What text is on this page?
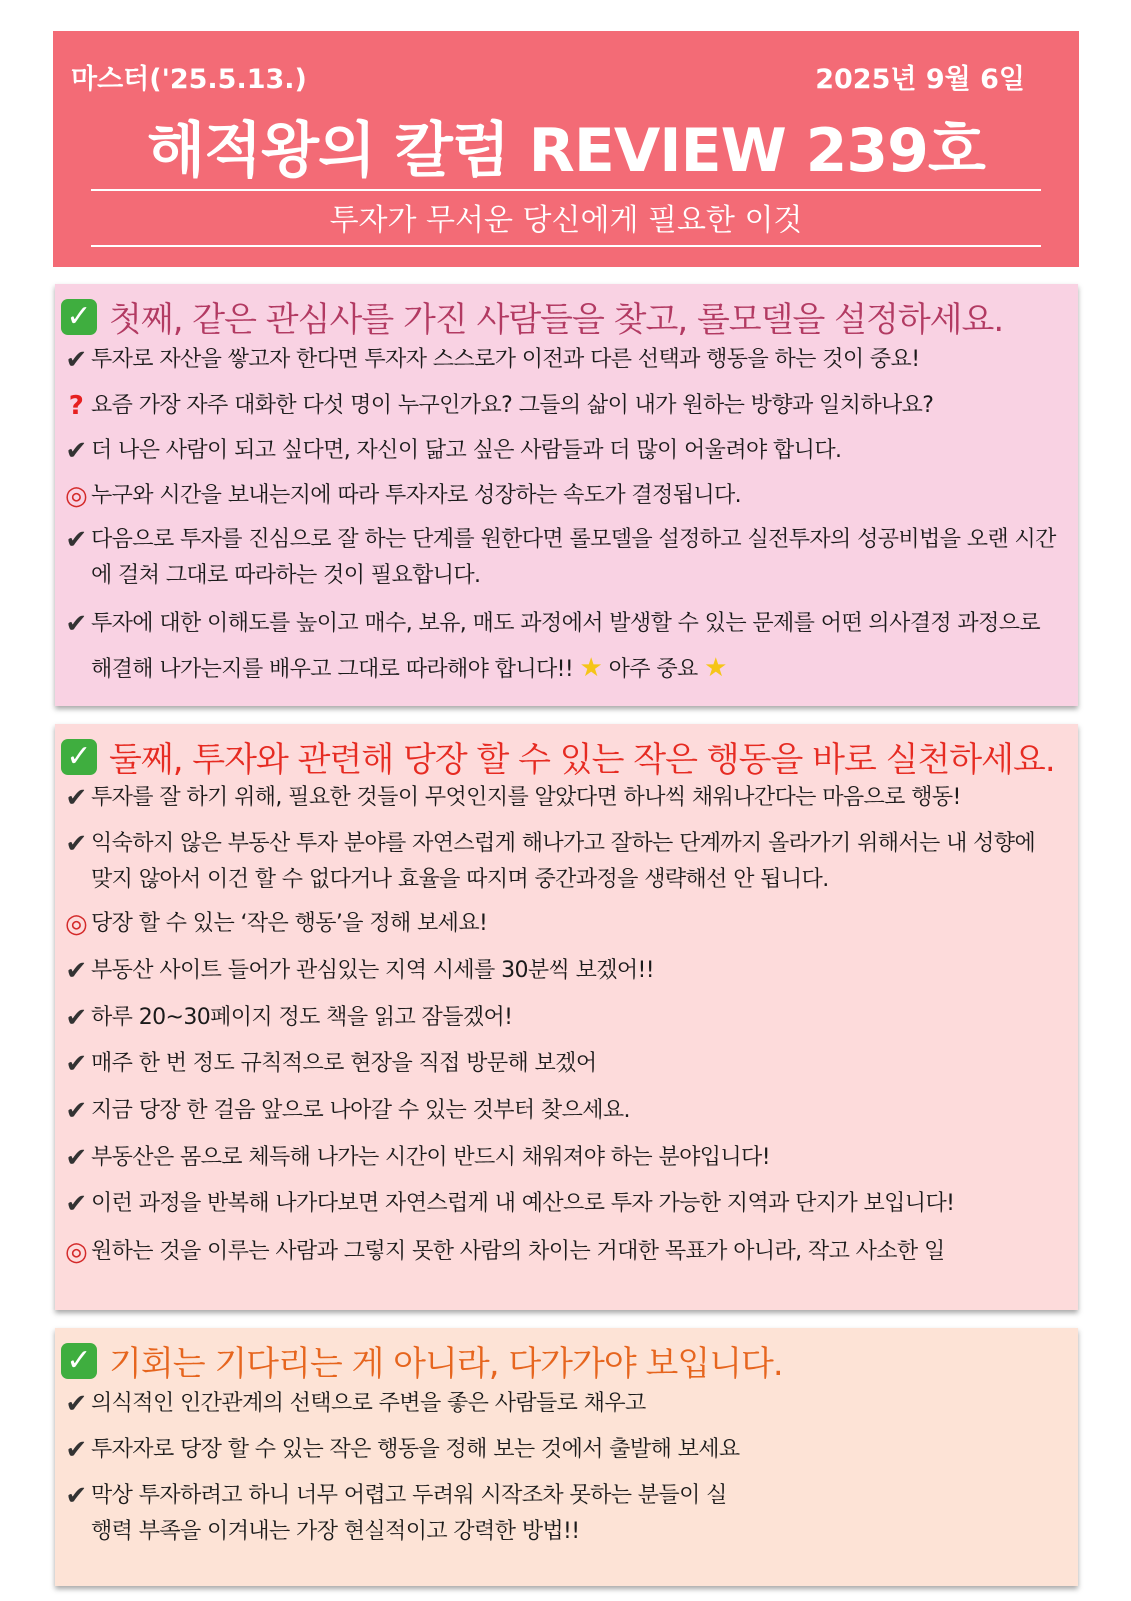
마스터('25.5.13.)	2025년 9월 6일
해적왕의 칼럼 REVIEW 239호
투자가 무서운 당신에게 필요한 이것
✓ 첫째, 같은 관심사를 가진 사람들을 찾고, 롤모델을 설정하세요.
✔ 투자로 자산을 쌓고자 한다면 투자자 스스로가 이전과 다른 선택과 행동을 하는 것이 중요!
? 요즘 가장 자주 대화한 다섯 명이 누구인가요? 그들의 삶이 내가 원하는 방향과 일치하나요?
✔ 더 나은 사람이 되고 싶다면, 자신이 닮고 싶은 사람들과 더 많이 어울려야 합니다.
◎ 누구와 시간을 보내는지에 따라 투자자로 성장하는 속도가 결정됩니다.
✔ 다음으로 투자를 진심으로 잘 하는 단계를 원한다면 롤모델을 설정하고 실전투자의 성공비법을 오랜 시간에 걸쳐 그대로 따라하는 것이 필요합니다.
✔ 투자에 대한 이해도를 높이고 매수, 보유, 매도 과정에서 발생할 수 있는 문제를 어떤 의사결정 과정으로 해결해 나가는지를 배우고 그대로 따라해야 합니다!! ★ 아주 중요 ★
✓ 둘째, 투자와 관련해 당장 할 수 있는 작은 행동을 바로 실천하세요.
✔ 투자를 잘 하기 위해, 필요한 것들이 무엇인지를 알았다면 하나씩 채워나간다는 마음으로 행동!
✔ 익숙하지 않은 부동산 투자 분야를 자연스럽게 해나가고 잘하는 단계까지 올라가기 위해서는 내 성향에 맞지 않아서 이건 할 수 없다거나 효율을 따지며 중간과정을 생략해선 안 됩니다.
◎ 당장 할 수 있는 ‘작은 행동’을 정해 보세요!
✔ 부동산 사이트 들어가 관심있는 지역 시세를 30분씩 보겠어!!
✔ 하루 20~30페이지 정도 책을 읽고 잠들겠어!
✔ 매주 한 번 정도 규칙적으로 현장을 직접 방문해 보겠어
✔ 지금 당장 한 걸음 앞으로 나아갈 수 있는 것부터 찾으세요.
✔ 부동산은 몸으로 체득해 나가는 시간이 반드시 채워져야 하는 분야입니다!
✔ 이런 과정을 반복해 나가다보면 자연스럽게 내 예산으로 투자 가능한 지역과 단지가 보입니다!
◎ 원하는 것을 이루는 사람과 그렇지 못한 사람의 차이는 거대한 목표가 아니라, 작고 사소한 일
✓ 기회는 기다리는 게 아니라, 다가가야 보입니다.
✔ 의식적인 인간관계의 선택으로 주변을 좋은 사람들로 채우고
✔ 투자자로 당장 할 수 있는 작은 행동을 정해 보는 것에서 출발해 보세요
✔ 막상 투자하려고 하니 너무 어렵고 두려워 시작조차 못하는 분들이 실행력 부족을 이겨내는 가장 현실적이고 강력한 방법!!
